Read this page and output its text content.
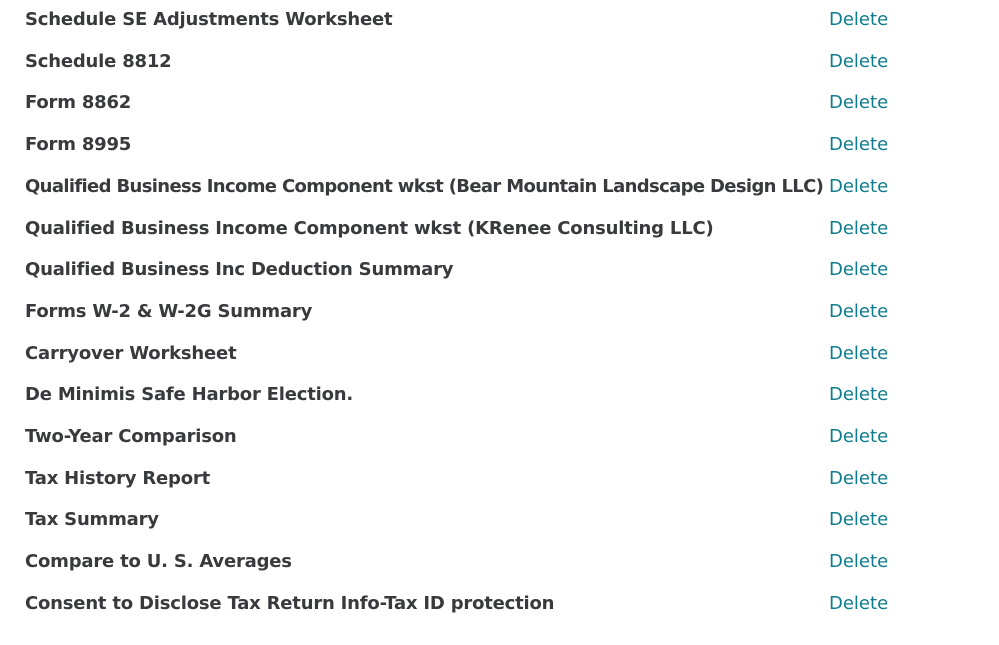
Schedule SE Adjustments Worksheet	Delete
Schedule 8812	Delete
Form 8862	Delete
Form 8995	Delete
Qualified Business Income Component wkst (Bear Mountain Landscape Design LLC) Delete
Qualified Business Income Component wkst (KRenee Consulting LLC)	Delete
Qualified Business Inc Deduction Summary	Delete
Forms W-2 & W-2G Summary	Delete
Carryover Worksheet	Delete
De Minimis Safe Harbor Election.	Delete
Two-Year Comparison	Delete
Tax History Report	Delete
Tax Summary	Delete
Compare to U. S. Averages	Delete
Consent to Disclose Tax Return Info-Tax ID protection	Delete
